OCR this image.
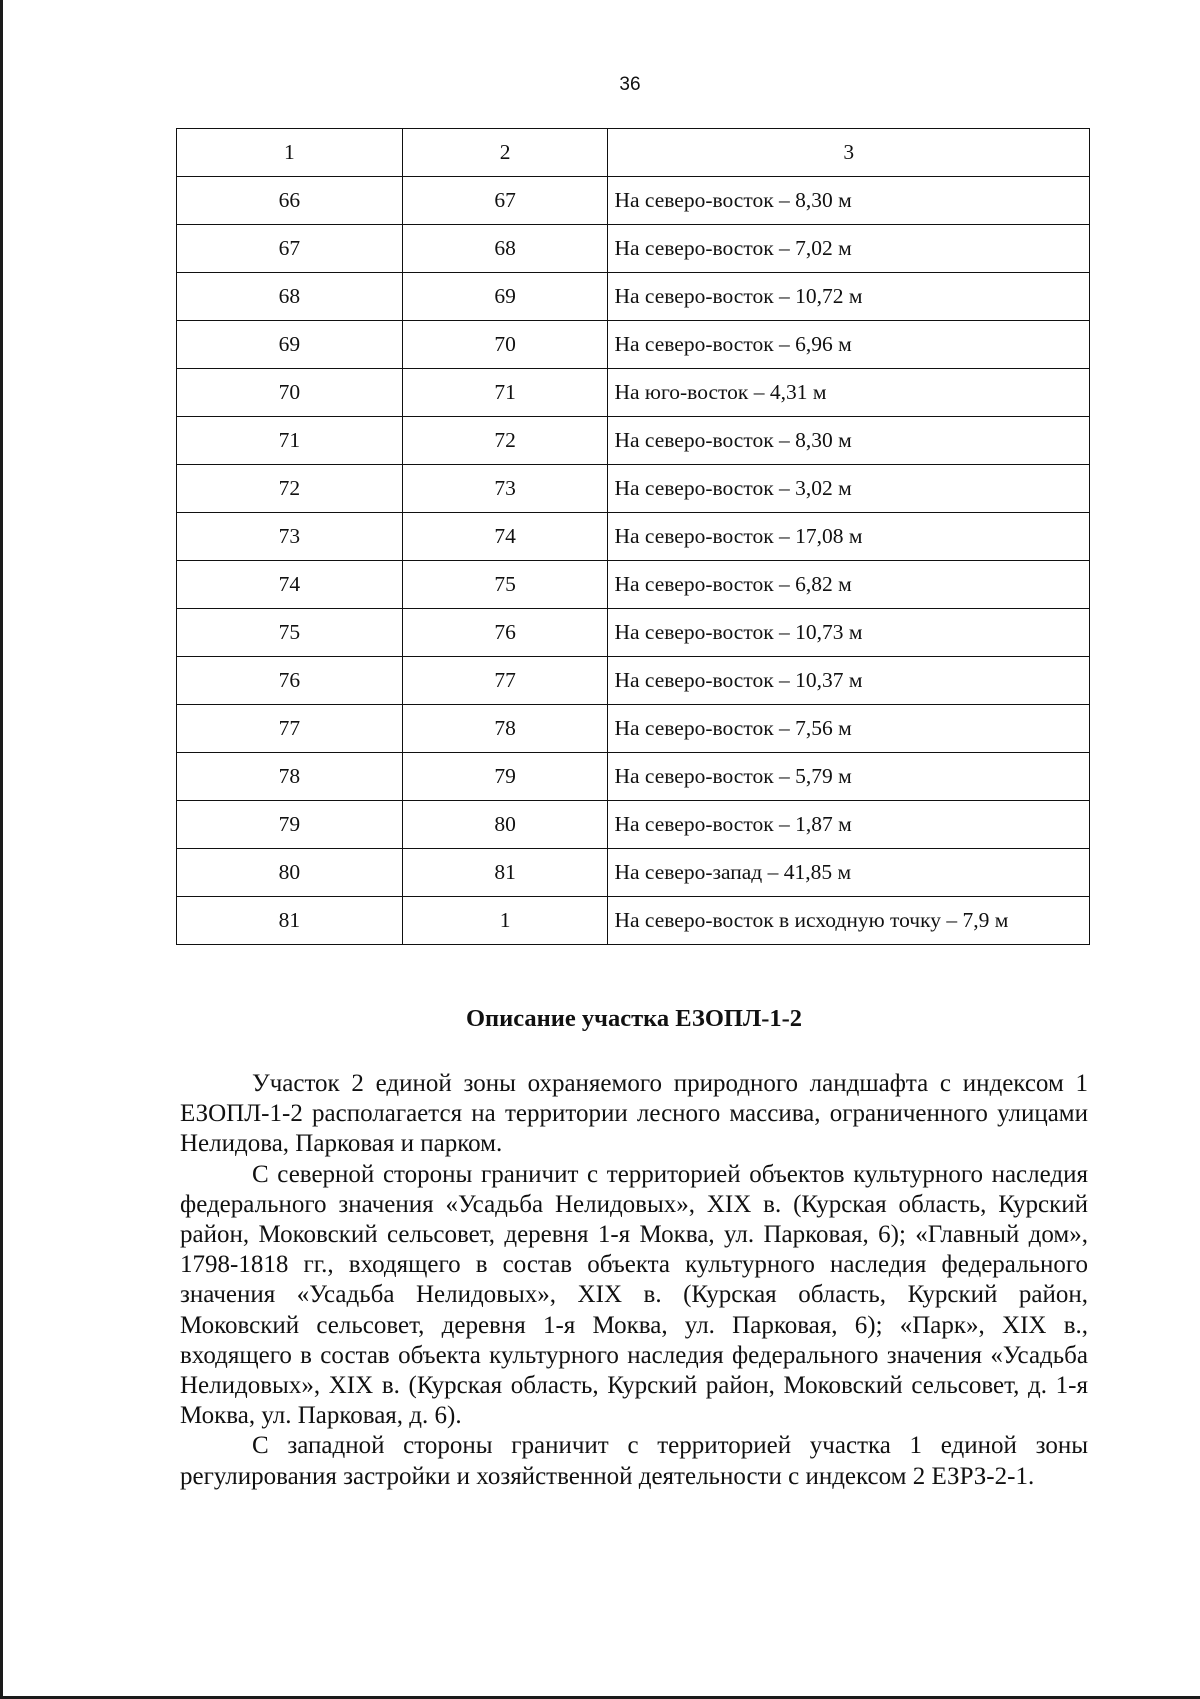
36
1	2	3
66	67	На северо-восток – 8,30 м
67	68	На северо-восток – 7,02 м
68	69	На северо-восток – 10,72 м
69	70	На северо-восток – 6,96 м
70	71	На юго-восток – 4,31 м
71	72	На северо-восток – 8,30 м
72	73	На северо-восток – 3,02 м
73	74	На северо-восток – 17,08 м
74	75	На северо-восток – 6,82 м
75	76	На северо-восток – 10,73 м
76	77	На северо-восток – 10,37 м
77	78	На северо-восток – 7,56 м
78	79	На северо-восток – 5,79 м
79	80	На северо-восток – 1,87 м
80	81	На северо-запад – 41,85 м
81	1	На северо-восток в исходную точку – 7,9 м
Описание участка ЕЗОПЛ-1-2

Участок 2 единой зоны охраняемого природного ландшафта с индексом 1 ЕЗОПЛ-1-2 располагается на территории лесного массива, ограниченного улицами Нелидова, Парковая и парком.

С северной стороны граничит с территорией объектов культурного наследия федерального значения «Усадьба Нелидовых», XIX в. (Курская область, Курский район, Моковский сельсовет, деревня 1-я Моква, ул. Парковая, 6); «Главный дом», 1798-1818 гг., входящего в состав объекта культурного наследия федерального значения «Усадьба Нелидовых», XIX в. (Курская область, Курский район, Моковский сельсовет, деревня 1-я Моква, ул. Парковая, 6); «Парк», XIX в., входящего в состав объекта культурного наследия федерального значения «Усадьба Нелидовых», XIX в. (Курская область, Курский район, Моковский сельсовет, д. 1-я Моква, ул. Парковая, д. 6).

С западной стороны граничит с территорией участка 1 единой зоны регулирования застройки и хозяйственной деятельности с индексом 2 ЕЗРЗ-2-1.
